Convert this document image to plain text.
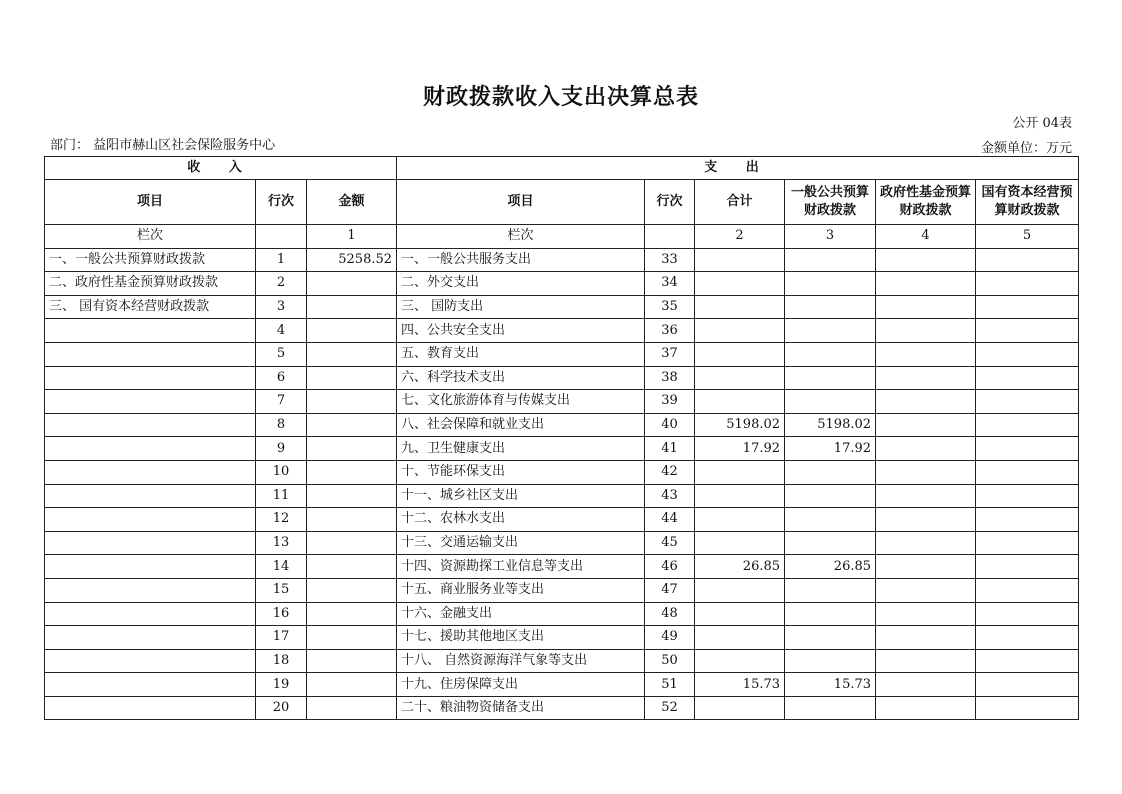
财政拨款收入支出决算总表
公开 04表
部门： 益阳市赫山区社会保险服务中心	金额单位：万元
收 入			支 出					
项目	行次	金额	项目	行次	合计	一般公共预算财政拨款	政府性基金预算财政拨款	国有资本经营预算财政拨款
栏次		1	栏次		2	3	4	5
一、一般公共预算财政拨款	1	5258.52	一、一般公共服务支出	33				
二、政府性基金预算财政拨款	2		二、外交支出	34				
三、 国有资本经营财政拨款	3		三、 国防支出	35				
	4		四、公共安全支出	36				
	5		五、教育支出	37				
	6		六、科学技术支出	38				
	7		七、文化旅游体育与传媒支出	39				
	8		八、社会保障和就业支出	40	5198.02	5198.02		
	9		九、卫生健康支出	41	17.92	17.92		
	10		十、节能环保支出	42				
	11		十一、城乡社区支出	43				
	12		十二、农林水支出	44				
	13		十三、交通运输支出	45				
	14		十四、资源勘探工业信息等支出	46	26.85	26.85		
	15		十五、商业服务业等支出	47				
	16		十六、金融支出	48				
	17		十七、援助其他地区支出	49				
	18		十八、 自然资源海洋气象等支出	50				
	19		十九、住房保障支出	51	15.73	15.73		
	20		二十、粮油物资储备支出	52				
